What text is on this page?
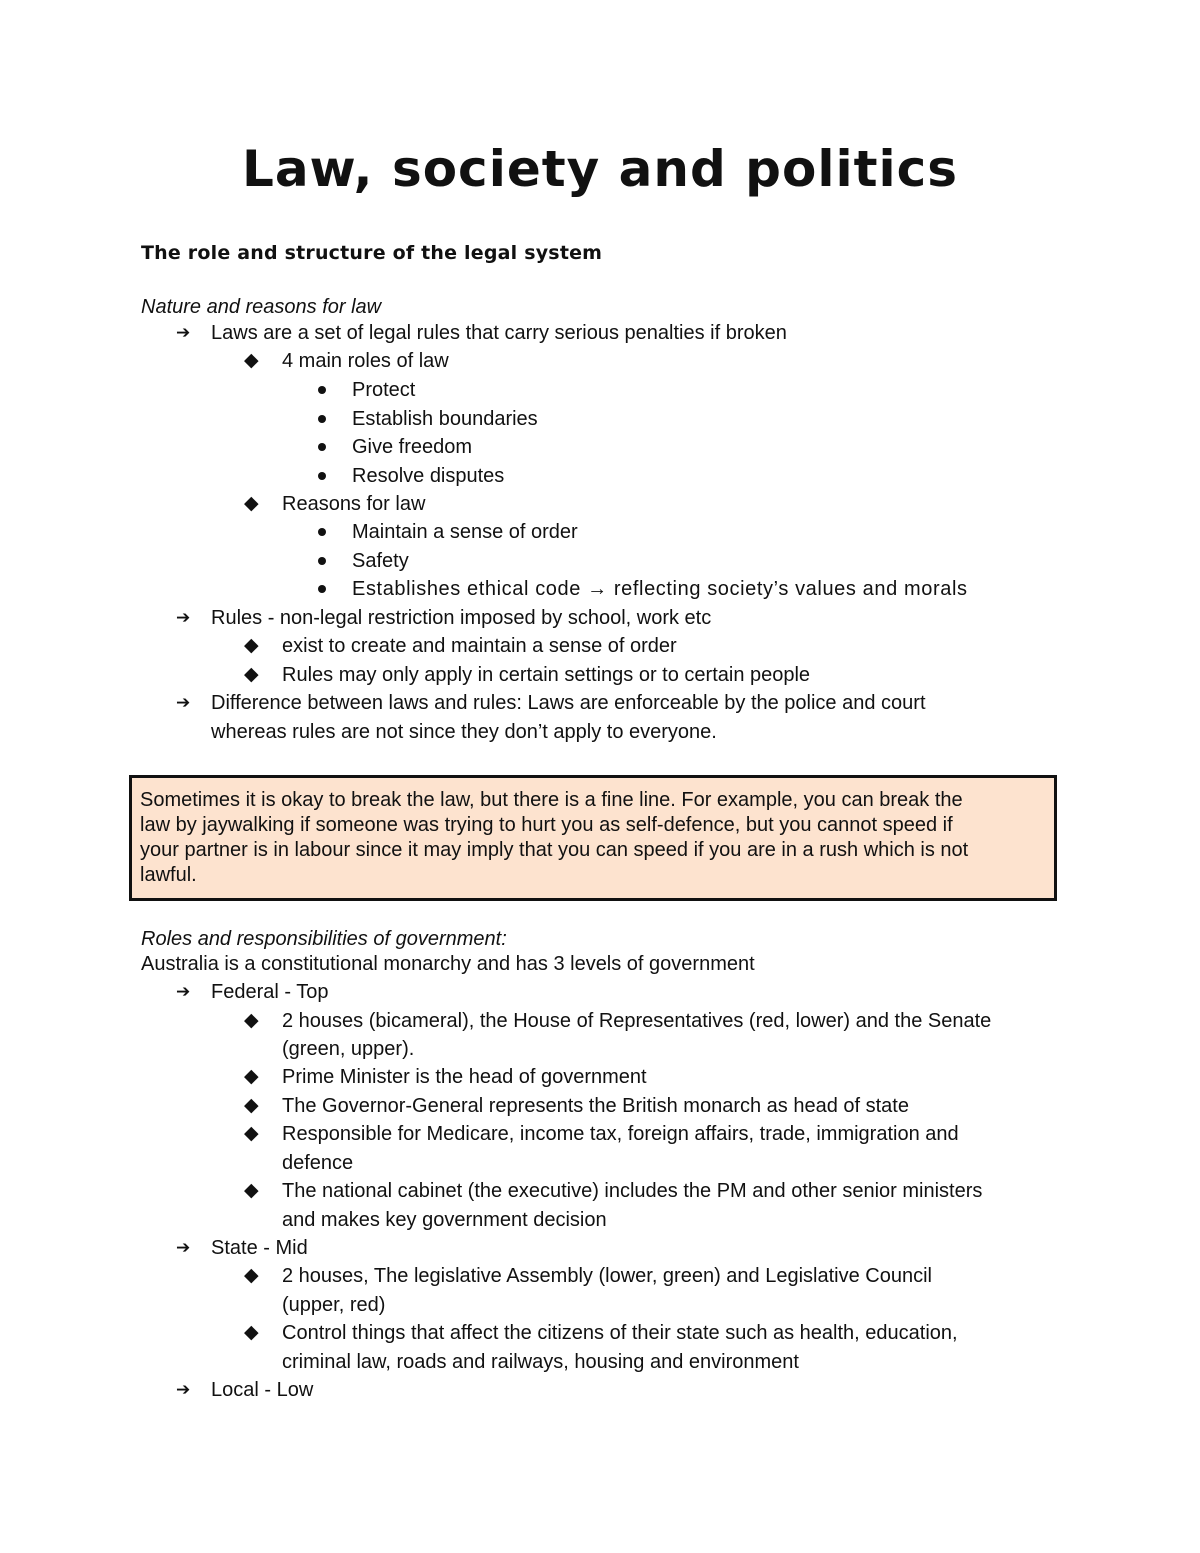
Law, society and politics
The role and structure of the legal system
Nature and reasons for law
➔ Laws are a set of legal rules that carry serious penalties if broken
◆ 4 main roles of law
Protect
Establish boundaries
Give freedom
Resolve disputes
◆ Reasons for law
Maintain a sense of order
Safety
Establishes ethical code → reflecting society’s values and morals
➔ Rules - non-legal restriction imposed by school, work etc
◆ exist to create and maintain a sense of order
◆ Rules may only apply in certain settings or to certain people
➔ Difference between laws and rules: Laws are enforceable by the police and court
whereas rules are not since they don’t apply to everyone.
Sometimes it is okay to break the law, but there is a fine line. For example, you can break the
law by jaywalking if someone was trying to hurt you as self-defence, but you cannot speed if
your partner is in labour since it may imply that you can speed if you are in a rush which is not
lawful.
Roles and responsibilities of government:
Australia is a constitutional monarchy and has 3 levels of government
➔ Federal - Top
◆ 2 houses (bicameral), the House of Representatives (red, lower) and the Senate
(green, upper).
◆ Prime Minister is the head of government
◆ The Governor-General represents the British monarch as head of state
◆ Responsible for Medicare, income tax, foreign affairs, trade, immigration and
defence
◆ The national cabinet (the executive) includes the PM and other senior ministers
and makes key government decision
➔ State - Mid
◆ 2 houses, The legislative Assembly (lower, green) and Legislative Council
(upper, red)
◆ Control things that affect the citizens of their state such as health, education,
criminal law, roads and railways, housing and environment
➔ Local - Low
